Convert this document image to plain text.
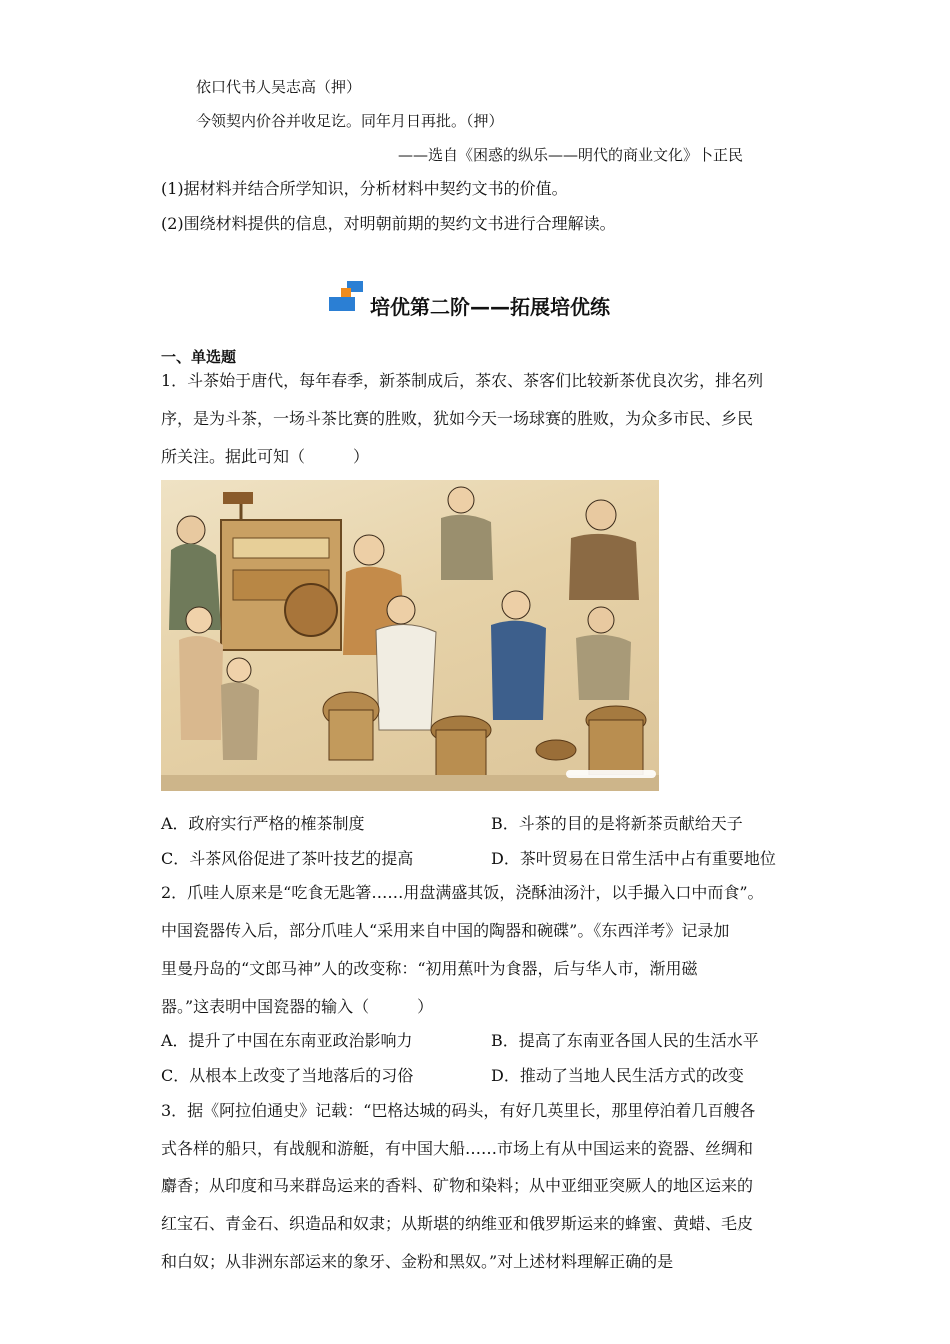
依口代书人吴志高（押）
今领契内价谷并收足讫。同年月日再批。（押）
——选自《困惑的纵乐——明代的商业文化》卜正民
(1)据材料并结合所学知识，分析材料中契约文书的价值。
(2)围绕材料提供的信息，对明朝前期的契约文书进行合理解读。
培优第二阶——拓展培优练
一、单选题
1．斗茶始于唐代，每年春季，新茶制成后，茶农、茶客们比较新茶优良次劣，排名列
序，是为斗茶，一场斗茶比赛的胜败，犹如今天一场球赛的胜败，为众多市民、乡民
所关注。据此可知（　　　）
A．政府实行严格的榷茶制度	B．斗茶的目的是将新茶贡献给天子
C．斗茶风俗促进了茶叶技艺的提高	D．茶叶贸易在日常生活中占有重要地位
2．爪哇人原来是“吃食无匙箸……用盘满盛其饭，浇酥油汤汁，以手撮入口中而食”。
中国瓷器传入后，部分爪哇人“采用来自中国的陶器和碗碟”。《东西洋考》记录加
里曼丹岛的“文郎马神”人的改变称：“初用蕉叶为食器，后与华人市，渐用磁
器。”这表明中国瓷器的输入（　　　）
A．提升了中国在东南亚政治影响力	B．提高了东南亚各国人民的生活水平
C．从根本上改变了当地落后的习俗	D．推动了当地人民生活方式的改变
3．据《阿拉伯通史》记载：“巴格达城的码头，有好几英里长，那里停泊着几百艘各
式各样的船只，有战舰和游艇，有中国大船……市场上有从中国运来的瓷器、丝绸和
麝香；从印度和马来群岛运来的香料、矿物和染料；从中亚细亚突厥人的地区运来的
红宝石、青金石、织造品和奴隶；从斯堪的纳维亚和俄罗斯运来的蜂蜜、黄蜡、毛皮
和白奴；从非洲东部运来的象牙、金粉和黑奴。”对上述材料理解正确的是
